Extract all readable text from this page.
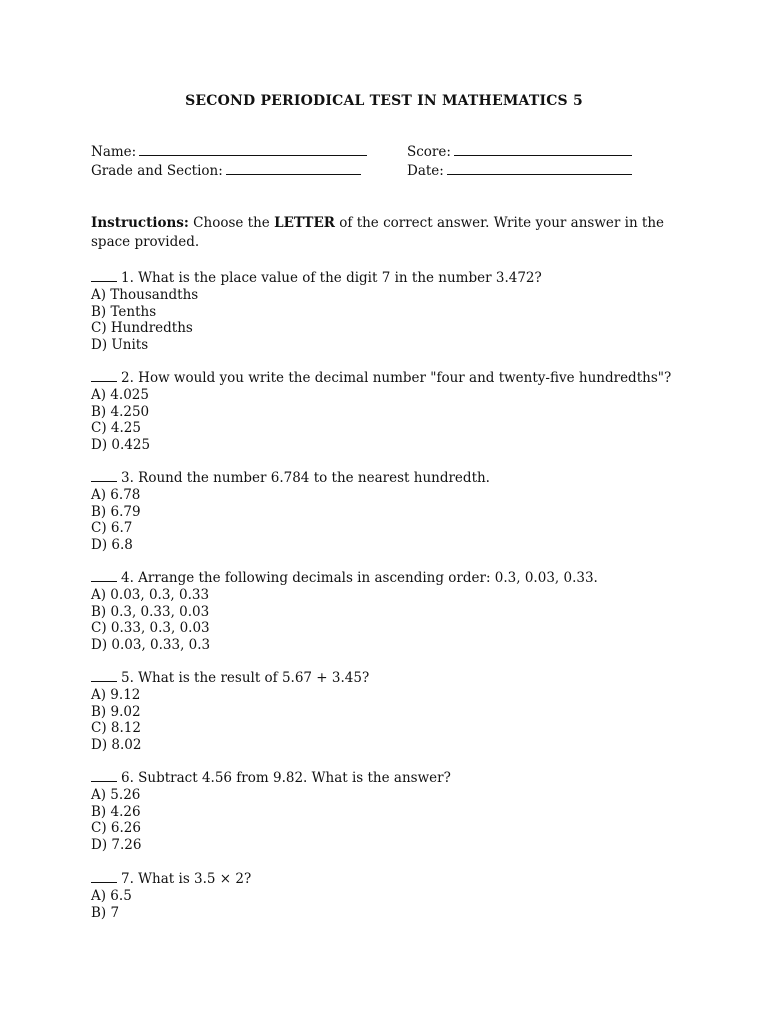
SECOND PERIODICAL TEST IN MATHEMATICS 5
Name:	Score:
Grade and Section:	Date:
Instructions: Choose the LETTER of the correct answer. Write your answer in the space provided.
1. What is the place value of the digit 7 in the number 3.472?
A) Thousandths
B) Tenths
C) Hundredths
D) Units
2. How would you write the decimal number "four and twenty-five hundredths"?
A) 4.025
B) 4.250
C) 4.25
D) 0.425
3. Round the number 6.784 to the nearest hundredth.
A) 6.78
B) 6.79
C) 6.7
D) 6.8
4. Arrange the following decimals in ascending order: 0.3, 0.03, 0.33.
A) 0.03, 0.3, 0.33
B) 0.3, 0.33, 0.03
C) 0.33, 0.3, 0.03
D) 0.03, 0.33, 0.3
5. What is the result of 5.67 + 3.45?
A) 9.12
B) 9.02
C) 8.12
D) 8.02
6. Subtract 4.56 from 9.82. What is the answer?
A) 5.26
B) 4.26
C) 6.26
D) 7.26
7. What is 3.5 × 2?
A) 6.5
B) 7
